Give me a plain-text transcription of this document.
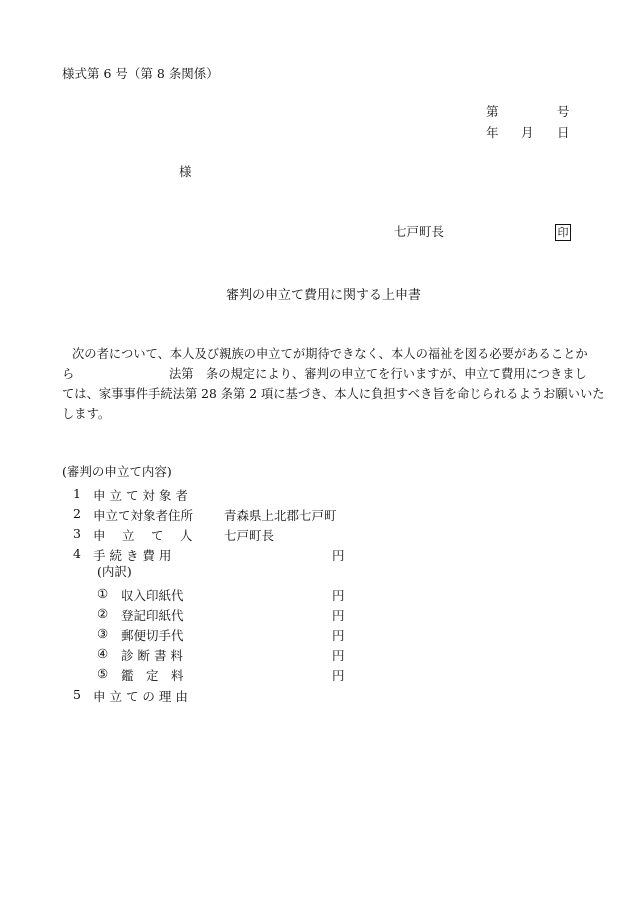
様式第 6 号（第 8 条関係）
第	号
年 月 日
様
七戸町長	印
審判の申立て費用に関する上申書
次の者について、本人及び親族の申立てが期待できなく、本人の福祉を図る必要があることか
ら	法第　条の規定により、審判の申立てを行いますが、申立て費用につきまし
ては、家事事件手続法第 28 条第 2 項に基づき、本人に負担すべき旨を命じられるようお願いいた
します。
(審判の申立て内容)
1 申 立 て 対 象 者
2 申立て対象者住所 青森県上北郡七戸町
3 申　 立　 て　 人	七戸町長
4 手 続 き 費 用	円
(内訳)
① 収入印紙代	円
② 登記印紙代	円
③ 郵便切手代	円
④ 診 断 書 料	円
⑤ 鑑　定　料	円
5 申 立 て の 理 由
